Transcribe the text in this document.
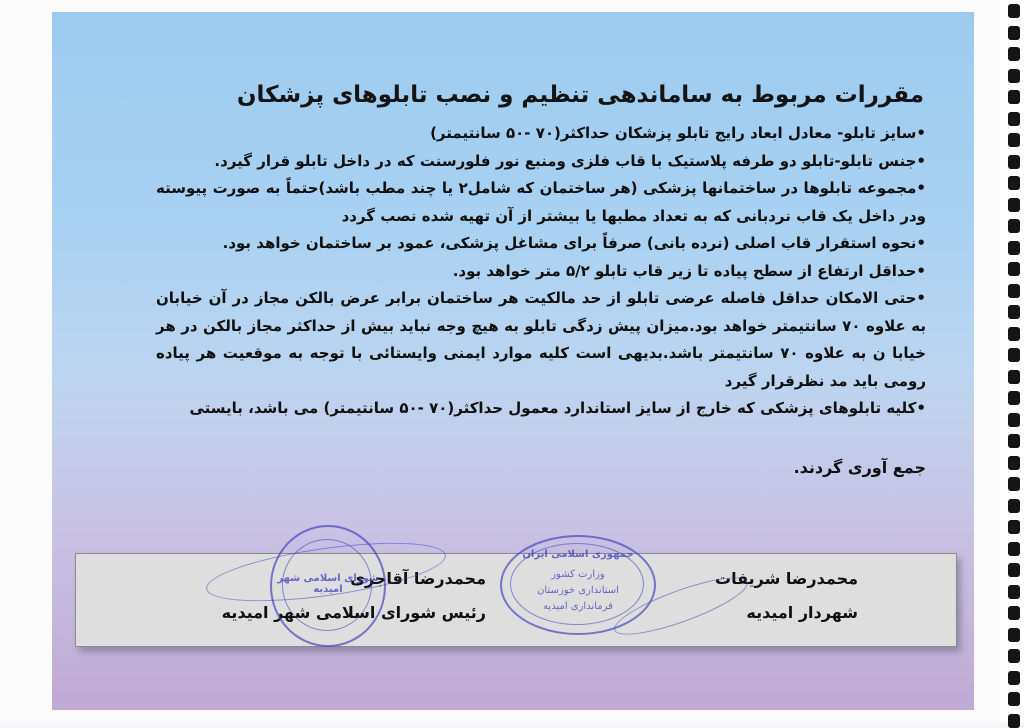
مقررات مربوط به ساماندهی تنظیم و نصب تابلوهای پزشکان

•سایز تابلو- معادل ابعاد رایج تابلو پزشکان حداکثر(۷۰ -۵۰ سانتیمتر)

•جنس تابلو-تابلو دو طرفه پلاستیک با قاب فلزی ومنبع نور فلورسنت که در داخل تابلو قرار گیرد.

•مجموعه تابلوها در ساختمانها پزشکی (هر ساختمان که شامل۲ یا چند مطب باشد)حتماً به صورت پیوسته ودر داخل یک قاب نردبانی که به تعداد مطبها یا بیشتر از آن تهیه شده نصب گردد

•نحوه استقرار قاب اصلی (نرده بانی) صرفاً برای مشاغل پزشکی، عمود بر ساختمان خواهد بود.

•حداقل ارتفاع از سطح پیاده تا زیر قاب تابلو ۵/۲ متر خواهد بود.

•حتی الامکان حداقل فاصله عرضی تابلو از حد مالکیت هر ساختمان برابر عرض بالکن مجاز در آن خیابان به علاوه ۷۰ سانتیمتر خواهد بود.میزان پیش زدگی تابلو به هیچ وجه نباید بیش از حداکثر مجاز بالکن در هر خیابا ن به علاوه ۷۰ سانتیمتر باشد.بدیهی است کلیه موارد ایمنی وایستائی با توجه به موقعیت هر پیاده رومی باید مد نظرقرار گیرد

•کلیه تابلوهای پزشکی که خارج از سایز استاندارد معمول حداکثر(۷۰ -۵۰ سانتیمتر) می باشد، بایستی

جمع آوری گردند.
محمدرضا شریفات
شهردار امیدیه
محمدرضا آقاجری
رئیس شورای اسلامی شهر امیدیه
جمهوری اسلامی ایران
وزارت کشور
استانداری خوزستان
فرمانداری امیدیه
شورای اسلامی شهر امیدیه
